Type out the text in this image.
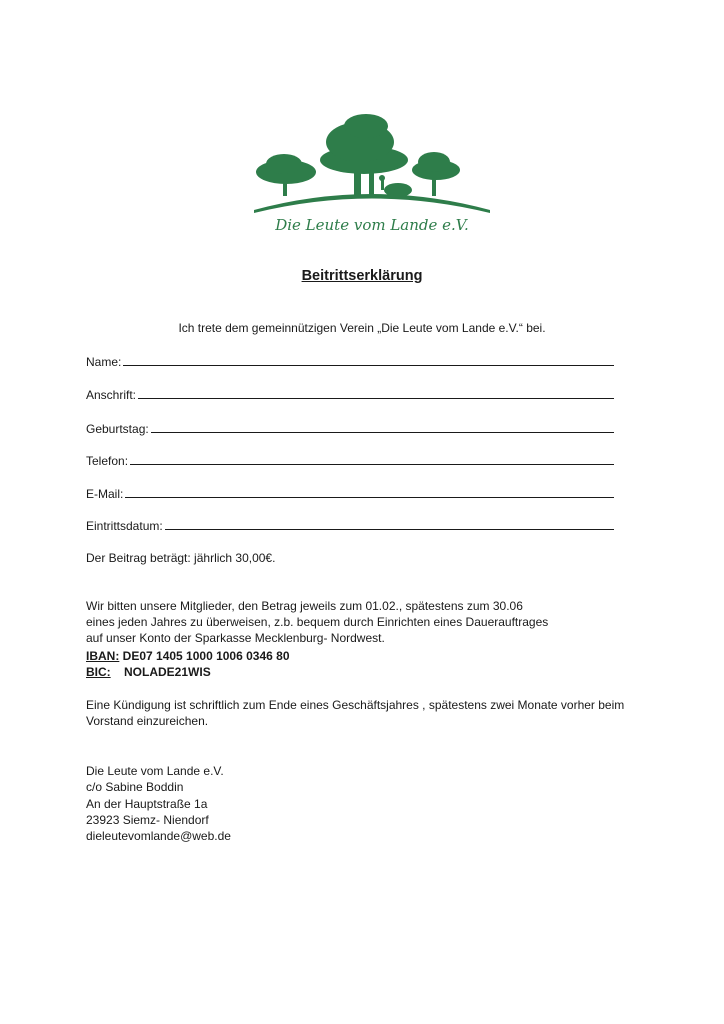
Die Leute vom Lande e.V.
Beitrittserklärung
Ich trete dem gemeinnützigen Verein „Die Leute vom Lande e.V.“ bei.
Name:
Anschrift:
Geburtstag:
Telefon:
E-Mail:
Eintrittsdatum:
Der Beitrag beträgt: jährlich 30,00€.
Wir bitten unsere Mitglieder, den Betrag jeweils zum 01.02., spätestens zum 30.06
eines jeden Jahres zu überweisen, z.b. bequem durch Einrichten eines Dauerauftrages
auf unser Konto der Sparkasse Mecklenburg- Nordwest.
IBAN: DE07 1405 1000 1006 0346 80
BIC: NOLADE21WIS
Eine Kündigung ist schriftlich zum Ende eines Geschäftsjahres , spätestens zwei Monate vorher beim
Vorstand einzureichen.
Die Leute vom Lande e.V.
c/o Sabine Boddin
An der Hauptstraße 1a
23923 Siemz- Niendorf
dieleutevomlande@web.de
